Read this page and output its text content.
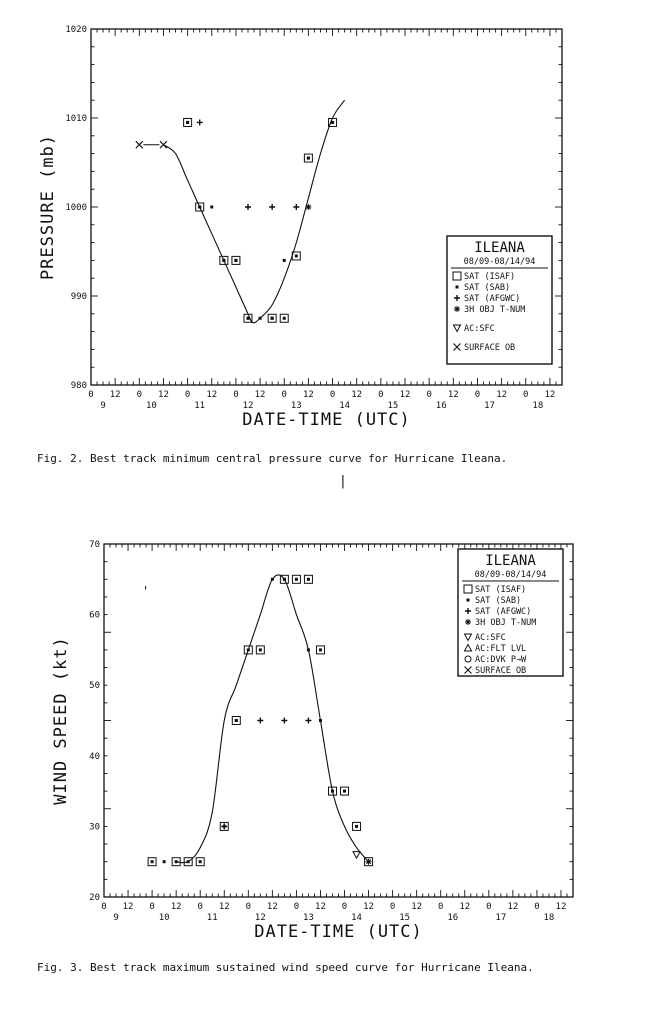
980
990
1000
1010
1020
0 12 0 12 0 12 0 12 0 12 0 12 0 12 0 12 0 12 0 12
9	10	11	12	13	14	15	16	17	18
DATE-TIME (UTC)
PRESSURE (mb)	ILEANA
08/09-08/14/94
SAT (ISAF)
SAT (SAB)
SAT (AFGWC)
3H OBJ T-NUM
AC:SFC
SURFACE OB
Fig. 2. Best track minimum central pressure curve for Hurricane Ileana.
|
20
30
40
50
60
70
0 12 0 12 0 12 0 12 0 12 0 12 0 12 0 12 0 12 0 12
9	10	11	12	13	14	15	16	17	18
DATE-TIME (UTC)
WIND SPEED (kt)
ILEANA
08/09-08/14/94
SAT (ISAF)
SAT (SAB)
SAT (AFGWC)
3H OBJ T-NUM
AC:SFC
AC:FLT LVL
AC:DVK P→W
SURFACE OB
'
Fig. 3. Best track maximum sustained wind speed curve for Hurricane Ileana.
